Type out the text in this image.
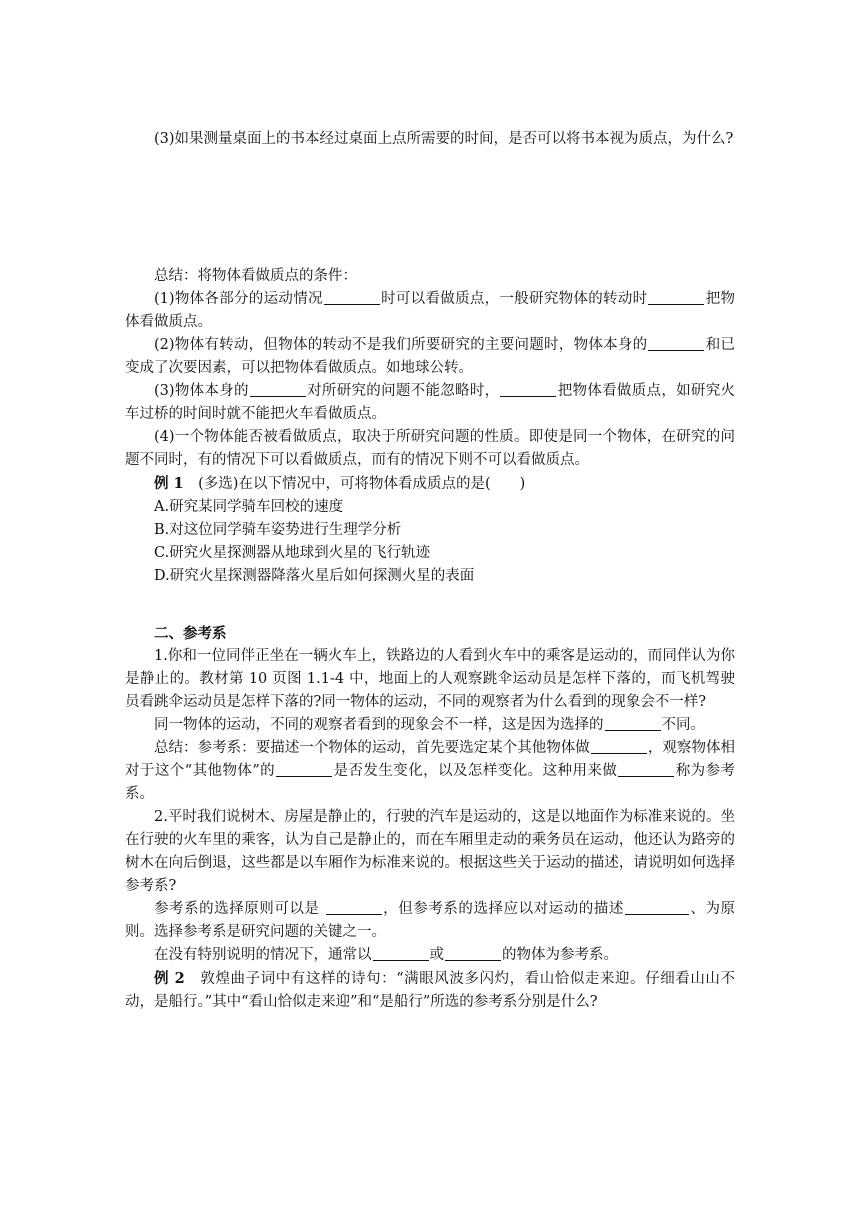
(3)如果测量桌面上的书本经过桌面上点所需要的时间，是否可以将书本视为质点，为什么?

总结：将物体看做质点的条件：

(1)物体各部分的运动情况	时可以看做质点，一般研究物体的转动时	把物体看做质点。

(2)物体有转动，但物体的转动不是我们所要研究的主要问题时，物体本身的	和已变成了次要因素，可以把物体看做质点。如地球公转。

(3)物体本身的	对所研究的问题不能忽略时，	把物体看做质点，如研究火车过桥的时间时就不能把火车看做质点。

(4)一个物体能否被看做质点，取决于所研究问题的性质。即使是同一个物体，在研究的问题不同时，有的情况下可以看做质点，而有的情况下则不可以看做质点。

例 1　(多选)在以下情况中，可将物体看成质点的是(　　)

A.研究某同学骑车回校的速度

B.对这位同学骑车姿势进行生理学分析

C.研究火星探测器从地球到火星的飞行轨迹

D.研究火星探测器降落火星后如何探测火星的表面

二、参考系

1.你和一位同伴正坐在一辆火车上，铁路边的人看到火车中的乘客是运动的，而同伴认为你是静止的。教材第 10 页图 1.1-4 中，地面上的人观察跳伞运动员是怎样下落的，而飞机驾驶员看跳伞运动员是怎样下落的?同一物体的运动，不同的观察者为什么看到的现象会不一样?

同一物体的运动，不同的观察者看到的现象会不一样，这是因为选择的	不同。

总结：参考系：要描述一个物体的运动，首先要选定某个其他物体做	，观察物体相对于这个“其他物体”的	是否发生变化，以及怎样变化。这种用来做	称为参考系。

2.平时我们说树木、房屋是静止的，行驶的汽车是运动的，这是以地面作为标准来说的。坐在行驶的火车里的乘客，认为自己是静止的，而在车厢里走动的乘务员在运动，他还认为路旁的树木在向后倒退，这些都是以车厢作为标准来说的。根据这些关于运动的描述，请说明如何选择参考系?

参考系的选择原则可以是	，但参考系的选择应以对运动的描述	、为原则。选择参考系是研究问题的关键之一。

在没有特别说明的情况下，通常以	或	的物体为参考系。

例 2　敦煌曲子词中有这样的诗句：“满眼风波多闪灼，看山恰似走来迎。仔细看山山不动，是船行。”其中“看山恰似走来迎”和“是船行”所选的参考系分别是什么?
